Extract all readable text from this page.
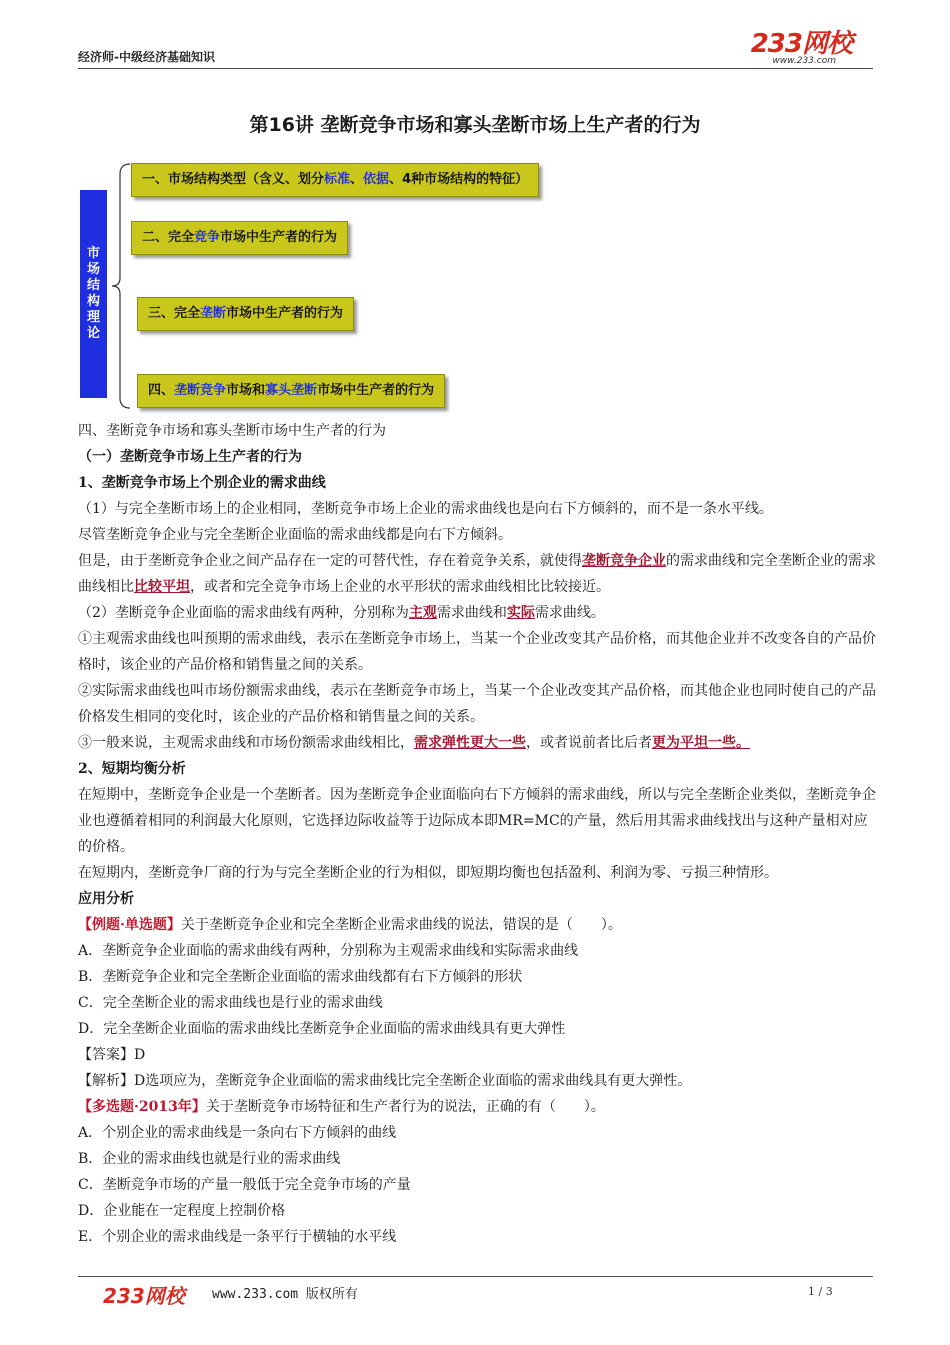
经济师-中级经济基础知识	233网校
www.233.com
第16讲 垄断竞争市场和寡头垄断市场上生产者的行为
市
场
结
构
理
论
一、市场结构类型（含义、划分标准、依据、4种市场结构的特征）
二、完全竞争市场中生产者的行为
三、完全垄断市场中生产者的行为
四、垄断竞争市场和寡头垄断市场中生产者的行为

四、垄断竞争市场和寡头垄断市场中生产者的行为

（一）垄断竞争市场上生产者的行为

1、垄断竞争市场上个别企业的需求曲线

（1）与完全垄断市场上的企业相同，垄断竞争市场上企业的需求曲线也是向右下方倾斜的，而不是一条水平线。

尽管垄断竞争企业与完全垄断企业面临的需求曲线都是向右下方倾斜。

但是，由于垄断竞争企业之间产品存在一定的可替代性，存在着竞争关系，就使得垄断竞争企业的需求曲线和完全垄断企业的需求曲线相比比较平坦，或者和完全竞争市场上企业的水平形状的需求曲线相比比较接近。

（2）垄断竞争企业面临的需求曲线有两种，分别称为主观需求曲线和实际需求曲线。

①主观需求曲线也叫预期的需求曲线，表示在垄断竞争市场上，当某一个企业改变其产品价格，而其他企业并不改变各自的产品价格时，该企业的产品价格和销售量之间的关系。

②实际需求曲线也叫市场份额需求曲线，表示在垄断竞争市场上，当某一个企业改变其产品价格，而其他企业也同时使自己的产品价格发生相同的变化时，该企业的产品价格和销售量之间的关系。

③一般来说，主观需求曲线和市场份额需求曲线相比，需求弹性更大一些，或者说前者比后者更为平坦一些。

2、短期均衡分析

在短期中，垄断竞争企业是一个垄断者。因为垄断竞争企业面临向右下方倾斜的需求曲线，所以与完全垄断企业类似，垄断竞争企业也遵循着相同的利润最大化原则，它选择边际收益等于边际成本即MR=MC的产量，然后用其需求曲线找出与这种产量相对应的价格。

在短期内，垄断竞争厂商的行为与完全垄断企业的行为相似，即短期均衡也包括盈利、利润为零、亏损三种情形。

应用分析

【例题·单选题】关于垄断竞争企业和完全垄断企业需求曲线的说法，错误的是（　　）。

A．垄断竞争企业面临的需求曲线有两种，分别称为主观需求曲线和实际需求曲线

B．垄断竞争企业和完全垄断企业面临的需求曲线都有右下方倾斜的形状

C．完全垄断企业的需求曲线也是行业的需求曲线

D．完全垄断企业面临的需求曲线比垄断竞争企业面临的需求曲线具有更大弹性

【答案】D

【解析】D选项应为，垄断竞争企业面临的需求曲线比完全垄断企业面临的需求曲线具有更大弹性。

【多选题·2013年】关于垄断竞争市场特征和生产者行为的说法，正确的有（　　）。

A．个别企业的需求曲线是一条向右下方倾斜的曲线

B．企业的需求曲线也就是行业的需求曲线

C．垄断竞争市场的产量一般低于完全竞争市场的产量

D．企业能在一定程度上控制价格

E．个别企业的需求曲线是一条平行于横轴的水平线

233网校 www.233.com 版权所有	1 / 3
